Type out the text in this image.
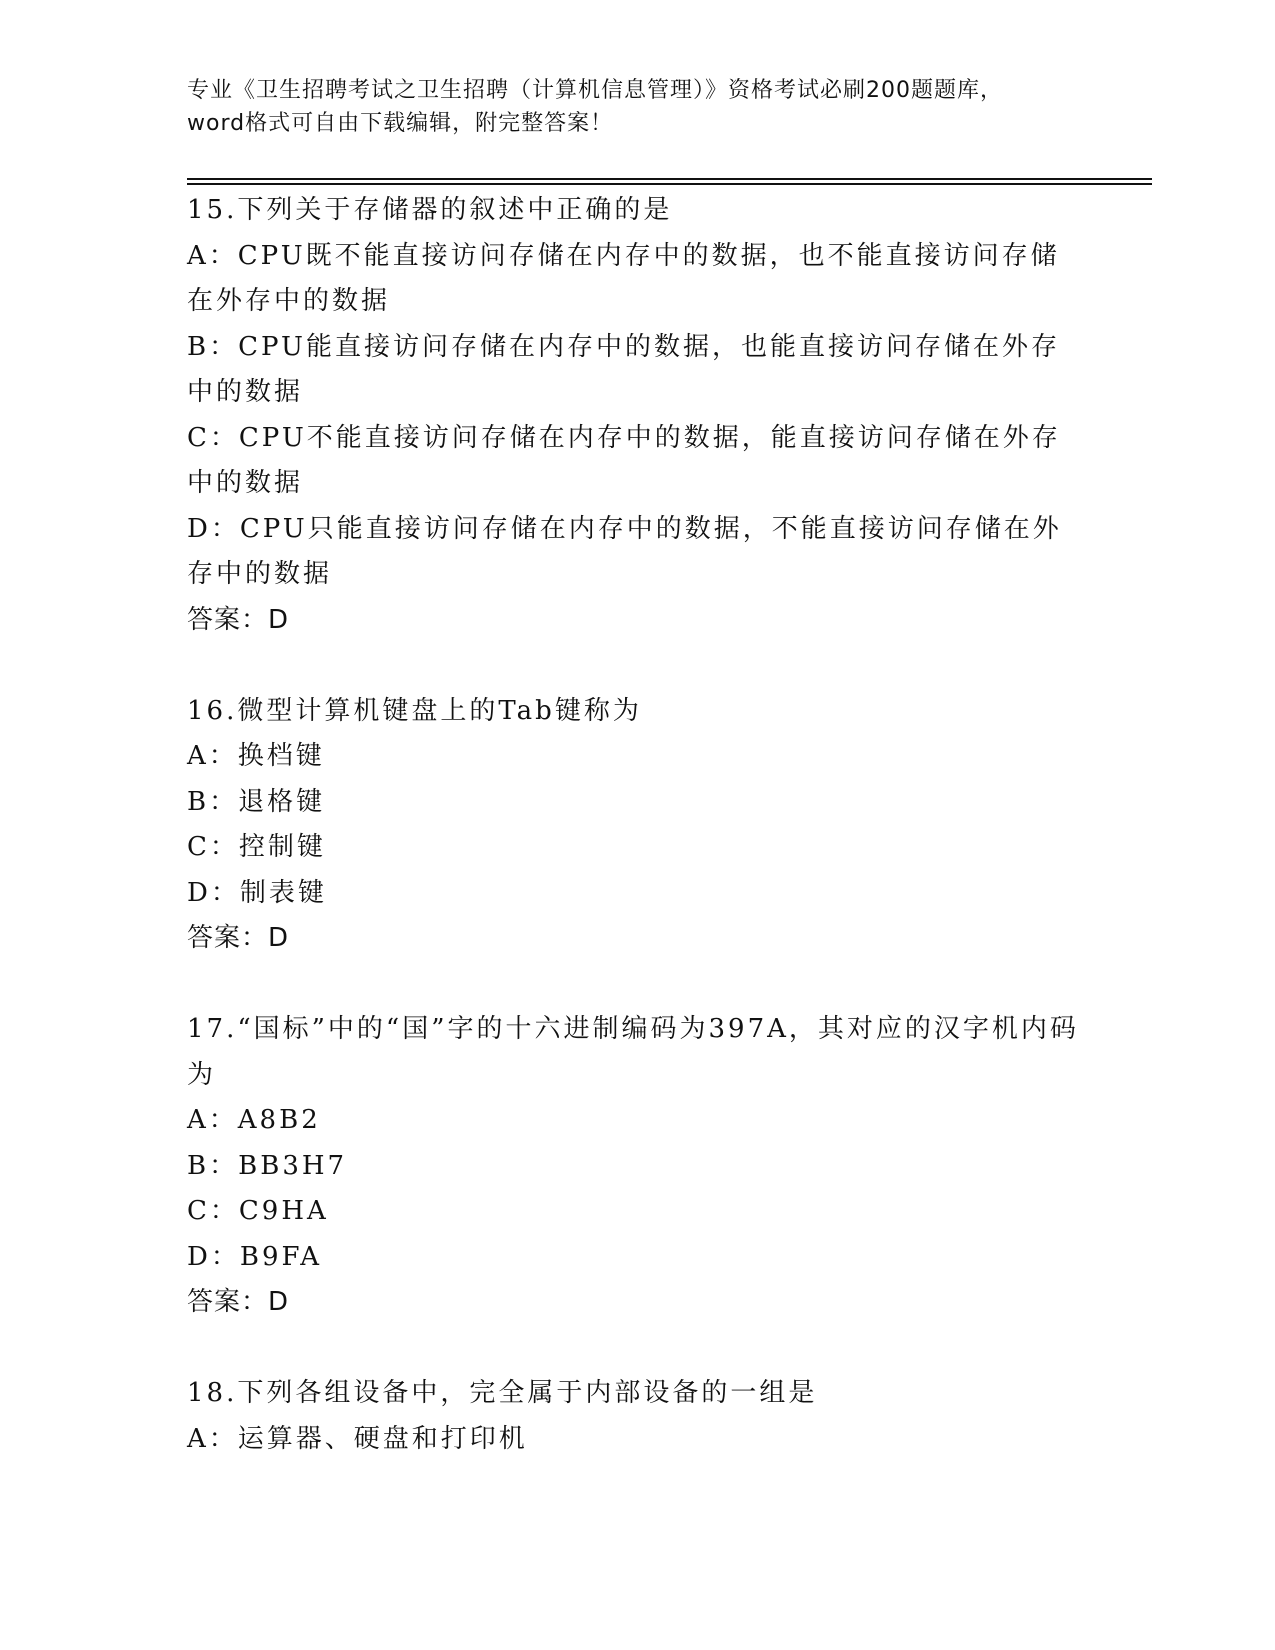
专业《卫生招聘考试之卫生招聘（计算机信息管理）》资格考试必刷200题题库，
word格式可自由下载编辑，附完整答案！

15.下列关于存储器的叙述中正确的是

A：CPU既不能直接访问存储在内存中的数据，也不能直接访问存储在外存中的数据

B：CPU能直接访问存储在内存中的数据，也能直接访问存储在外存中的数据

C：CPU不能直接访问存储在内存中的数据，能直接访问存储在外存中的数据

D：CPU只能直接访问存储在内存中的数据，不能直接访问存储在外存中的数据

答案：D

16.微型计算机键盘上的Tab键称为

A：换档键

B：退格键

C：控制键

D：制表键

答案：D

17.“国标”中的“国”字的十六进制编码为397A，其对应的汉字机内码为

A：A8B2

B：BB3H7

C：C9HA

D：B9FA

答案：D

18.下列各组设备中，完全属于内部设备的一组是

A：运算器、硬盘和打印机
